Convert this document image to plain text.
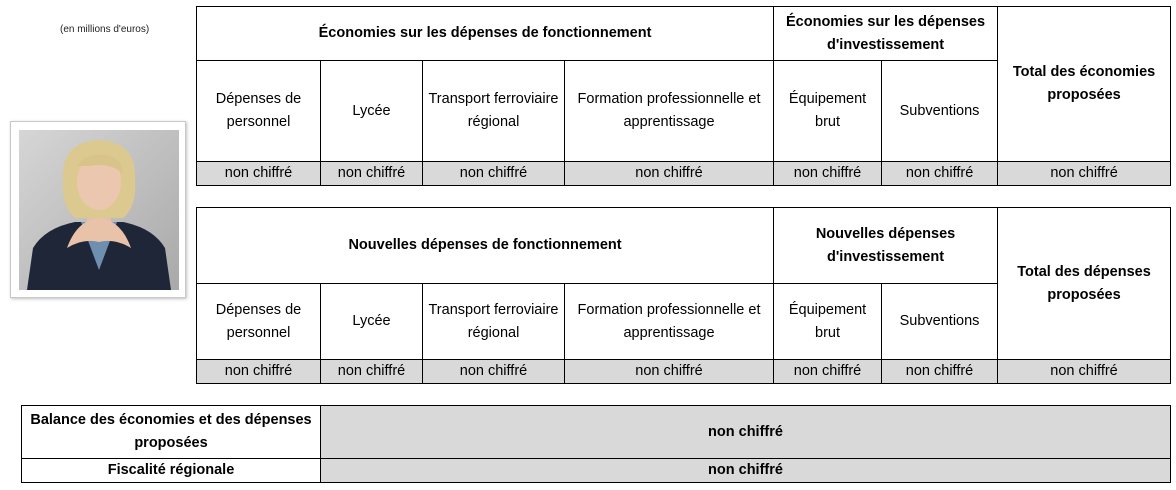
(en millions d'euros)	Économies sur les dépenses de fonctionnement				Économies sur les dépenses d'investissement		Total des économies proposées
Dépenses de personnel	Lycée	Transport ferroviaire régional	Formation professionnelle et apprentissage	Équipement brut	Subventions	
non chiffré	non chiffré	non chiffré	non chiffré	non chiffré	non chiffré	non chiffré
Nouvelles dépenses de fonctionnement				Nouvelles dépenses d'investissement		Total des dépenses proposées
Dépenses de personnel	Lycée	Transport ferroviaire régional	Formation professionnelle et apprentissage	Équipement brut	Subventions	
non chiffré	non chiffré	non chiffré	non chiffré	non chiffré	non chiffré	non chiffré
Balance des économies et des dépenses proposées	non chiffré
Fiscalité régionale	non chiffré
